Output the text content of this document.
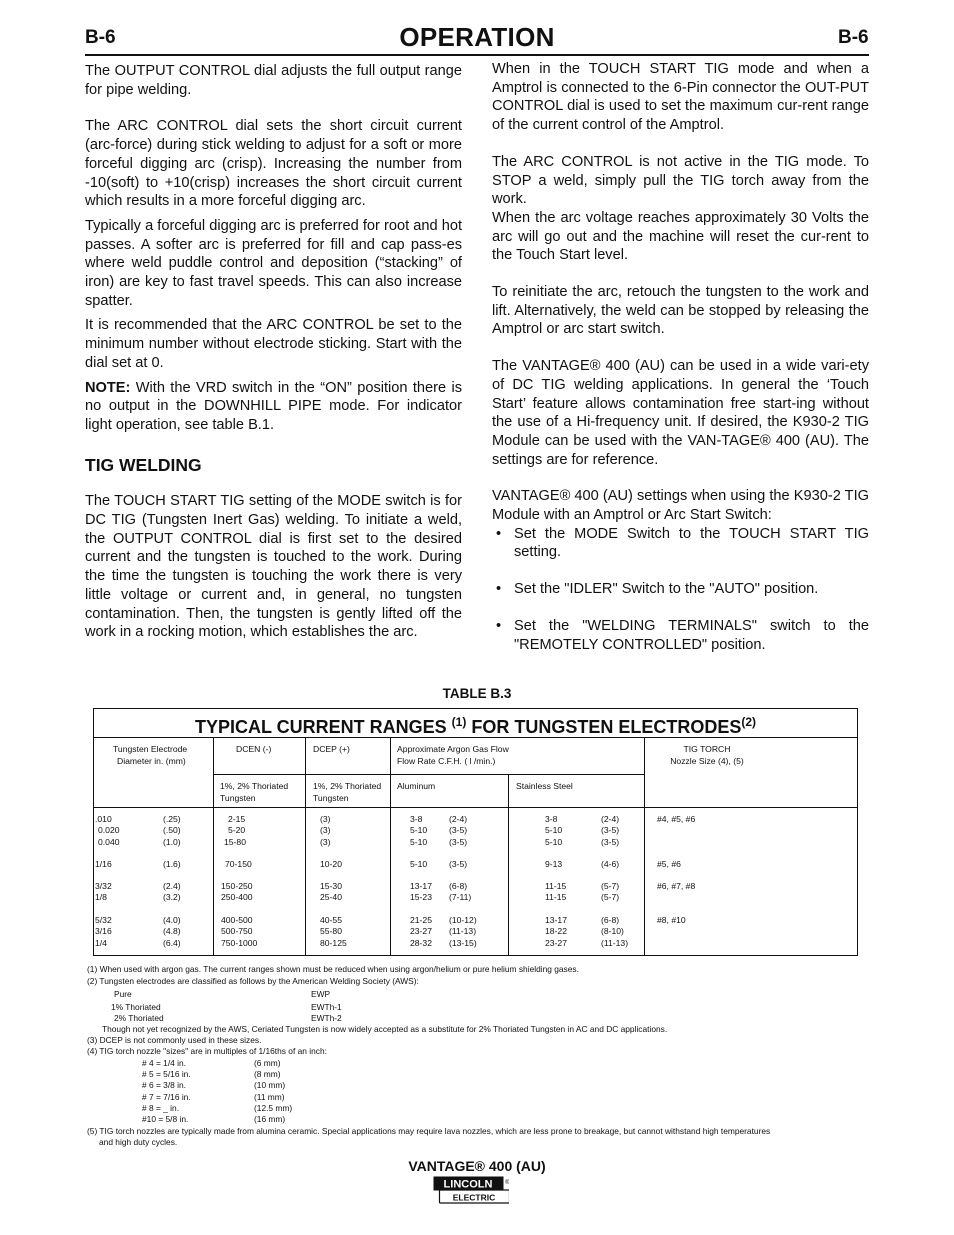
B-6	OPERATION	B-6

The OUTPUT CONTROL dial adjusts the full output range for pipe welding.

The ARC CONTROL dial sets the short circuit current (arc-force) during stick welding to adjust for a soft or more forceful digging arc (crisp). Increasing the number from -10(soft) to +10(crisp) increases the short circuit current which results in a more forceful digging arc.

Typically a forceful digging arc is preferred for root and hot passes. A softer arc is preferred for fill and cap pass-es where weld puddle control and deposition (“stacking” of iron) are key to fast travel speeds. This can also increase spatter.

It is recommended that the ARC CONTROL be set to the minimum number without electrode sticking. Start with the dial set at 0.

NOTE: With the VRD switch in the “ON” position there is no output in the DOWNHILL PIPE mode. For indicator light operation, see table B.1.

TIG WELDING

The TOUCH START TIG setting of the MODE switch is for DC TIG (Tungsten Inert Gas) welding. To initiate a weld, the OUTPUT CONTROL dial is first set to the desired current and the tungsten is touched to the work. During the time the tungsten is touching the work there is very little voltage or current and, in general, no tungsten contamination. Then, the tungsten is gently lifted off the work in a rocking motion, which establishes the arc.

When in the TOUCH START TIG mode and when a Amptrol is connected to the 6-Pin connector the OUT-PUT CONTROL dial is used to set the maximum cur-rent range of the current control of the Amptrol.

The ARC CONTROL is not active in the TIG mode. To STOP a weld, simply pull the TIG torch away from the work.

When the arc voltage reaches approximately 30 Volts the arc will go out and the machine will reset the cur-rent to the Touch Start level.

To reinitiate the arc, retouch the tungsten to the work and lift. Alternatively, the weld can be stopped by releasing the Amptrol or arc start switch.

The VANTAGE® 400 (AU) can be used in a wide vari-ety of DC TIG welding applications. In general the ‘Touch Start’ feature allows contamination free start-ing without the use of a Hi-frequency unit. If desired, the K930-2 TIG Module can be used with the VAN-TAGE® 400 (AU). The settings are for reference.

VANTAGE® 400 (AU) settings when using the K930-2 TIG Module with an Amptrol or Arc Start Switch:

• Set the MODE Switch to the TOUCH START TIG setting.
• Set the "IDLER" Switch to the "AUTO" position.
• Set the "WELDING TERMINALS" switch to the "REMOTELY CONTROLLED" position.
TABLE B.3
TYPICAL CURRENT RANGES $^{(1)}$ FOR TUNGSTEN ELECTRODES$^{(2)}$
Tungsten Electrode
Diameter in. (mm)
DCEN (-)	DCEP (+)	Approximate Argon Gas Flow
Flow Rate C.F.H. ( l /min.)
TIG TORCH
Nozzle Size (4), (5)
1%, 2% Thoriated
Tungsten
1%, 2% Thoriated
Tungsten
Aluminum	Stainless Steel
.010	(.25)	2-15	(3)	3-8	(2-4)	3-8	(2-4)	#4, #5, #6
0.020	(.50)	5-20	(3)	5-10	(3-5)	5-10	(3-5)
0.040	(1.0)	15-80	(3)	5-10	(3-5)	5-10	(3-5)
1/16	(1.6)	70-150	10-20	5-10	(3-5)	9-13	(4-6)	#5, #6
3/32	(2.4)	150-250	15-30	13-17 (6-8)	11-15	(5-7)	#6, #7, #8
1/8	(3.2)	250-400	25-40	15-23 (7-11)	11-15	(5-7)
5/32	(4.0)	400-500	40-55	21-25 (10-12)	13-17	(6-8)	#8, #10
3/16	(4.8)	500-750	55-80	23-27 (11-13)	18-22	(8-10)
1/4	(6.4)	750-1000	80-125	28-32 (13-15)	23-27	(11-13)
(1) When used with argon gas. The current ranges shown must be reduced when using argon/helium or pure helium shielding gases.
(2) Tungsten electrodes are classified as follows by the American Welding Society (AWS):
Pure	EWP
1% Thoriated	EWTh-1
2% Thoriated	EWTh-2
Though not yet recognized by the AWS, Ceriated Tungsten is now widely accepted as a substitute for 2% Thoriated Tungsten in AC and DC applications.
(3) DCEP is not commonly used in these sizes.
(4) TIG torch nozzle "sizes" are in multiples of 1/16ths of an inch:
# 4 = 1/4 in.	(6 mm)
# 5 = 5/16 in.	(8 mm)
# 6 = 3/8 in.	(10 mm)
# 7 = 7/16 in.	(11 mm)
# 8 = _ in.	(12.5 mm)
#10 = 5/8 in.	(16 mm)
(5) TIG torch nozzles are typically made from alumina ceramic. Special applications may require lava nozzles, which are less prone to breakage, but cannot withstand high temperatures
and high duty cycles.
VANTAGE® 400 (AU)
LINCOLN
ELECTRIC
®
